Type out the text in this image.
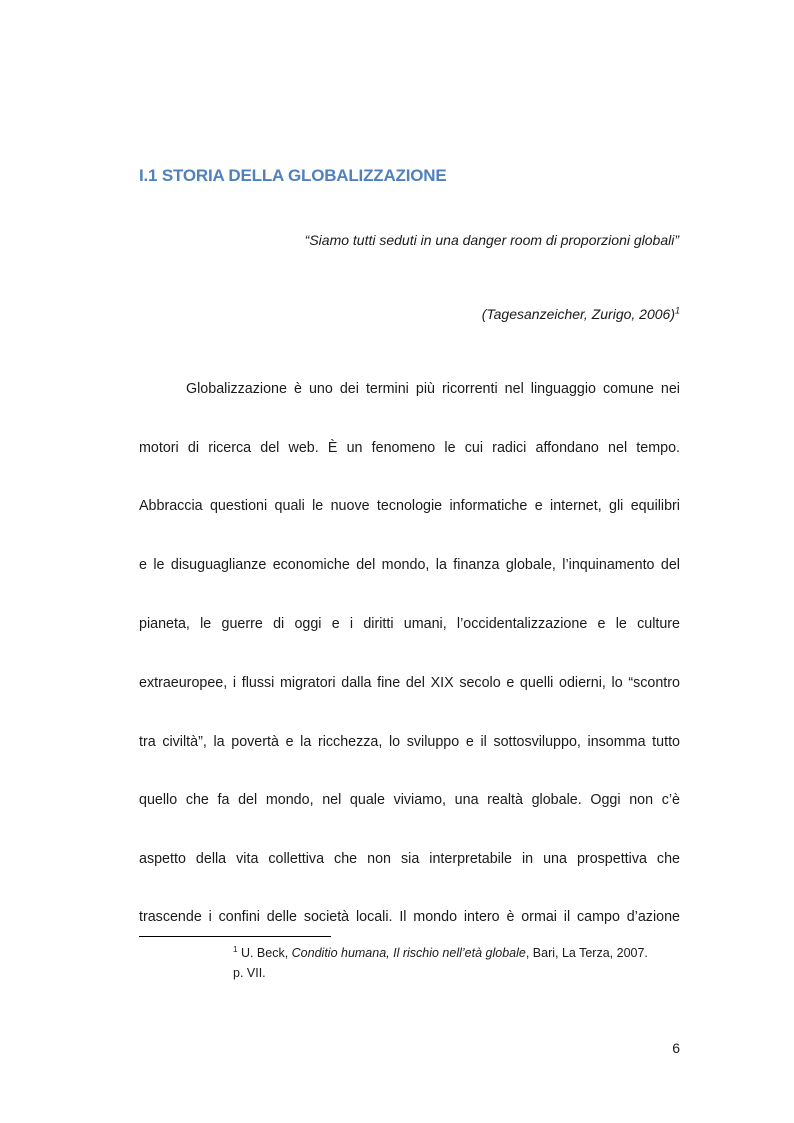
I.1 STORIA DELLA GLOBALIZZAZIONE
“Siamo tutti seduti in una danger room di proporzioni globali”
(Tagesanzeicher, Zurigo, 2006)$^1$
Globalizzazione è uno dei termini più ricorrenti nel linguaggio comune nei
motori di ricerca del web. È un fenomeno le cui radici affondano nel tempo.
Abbraccia questioni quali le nuove tecnologie informatiche e internet, gli equilibri
e le disuguaglianze economiche del mondo, la finanza globale, l’inquinamento del
pianeta, le guerre di oggi e i diritti umani, l’occidentalizzazione e le culture
extraeuropee, i flussi migratori dalla fine del XIX secolo e quelli odierni, lo “scontro
tra civiltà”, la povertà e la ricchezza, lo sviluppo e il sottosviluppo, insomma tutto
quello che fa del mondo, nel quale viviamo, una realtà globale. Oggi non c’è
aspetto della vita collettiva che non sia interpretabile in una prospettiva che
trascende i confini delle società locali. Il mondo intero è ormai il campo d’azione
$^1$ U. Beck, Conditio humana, Il rischio nell’età globale, Bari, La Terza, 2007.
p. VII.
6
